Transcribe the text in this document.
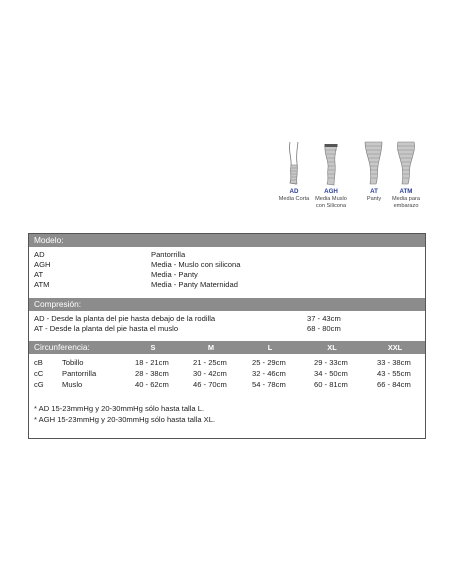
AD
Media Corta
AGH
Media Muslo con Silicona
AT
Panty
ATM
Media para embarazo
Modelo:
AD	Pantorrilla
AGH	Media - Muslo con silicona
AT	Media - Panty
ATM	Media - Panty Maternidad
Compresión:
AD - Desde la planta del pie hasta debajo de la rodilla	37 - 43cm
AT - Desde la planta del pie hasta el muslo	68 - 80cm
Circunferencia:	S	M	L	XL	XXL
cB	Tobillo	18 - 21cm	21 - 25cm	25 - 29cm	29 - 33cm	33 - 38cm
cC Pantorrilla	28 - 38cm	30 - 42cm	32 - 46cm	34 - 50cm	43 - 55cm
cG Muslo	40 - 62cm	46 - 70cm	54 - 78cm	60 - 81cm	66 - 84cm
* AD 15-23mmHg y 20-30mmHg sólo hasta talla L.
* AGH 15-23mmHg y 20-30mmHg sólo hasta talla XL.
